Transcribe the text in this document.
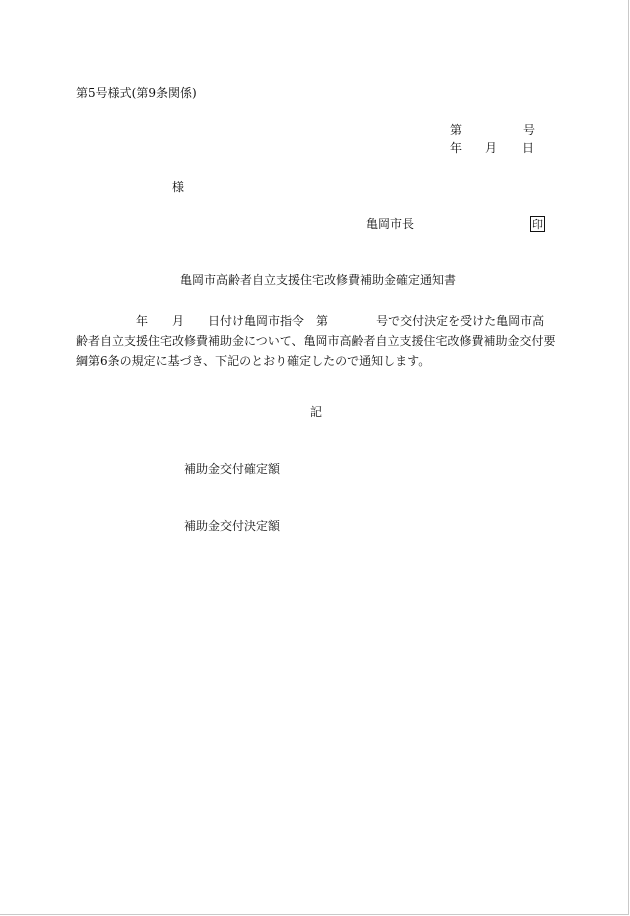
第5号様式(第9条関係)
第	号
年 月 日
様
亀岡市長	印
亀岡市高齢者自立支援住宅改修費補助金確定通知書
年 月 日付け亀岡市指令 第	号で交付決定を受けた亀岡市高
齢者自立支援住宅改修費補助金について、亀岡市高齢者自立支援住宅改修費補助金交付要
綱第6条の規定に基づき、下記のとおり確定したので通知します。
記
補助金交付確定額
補助金交付決定額
